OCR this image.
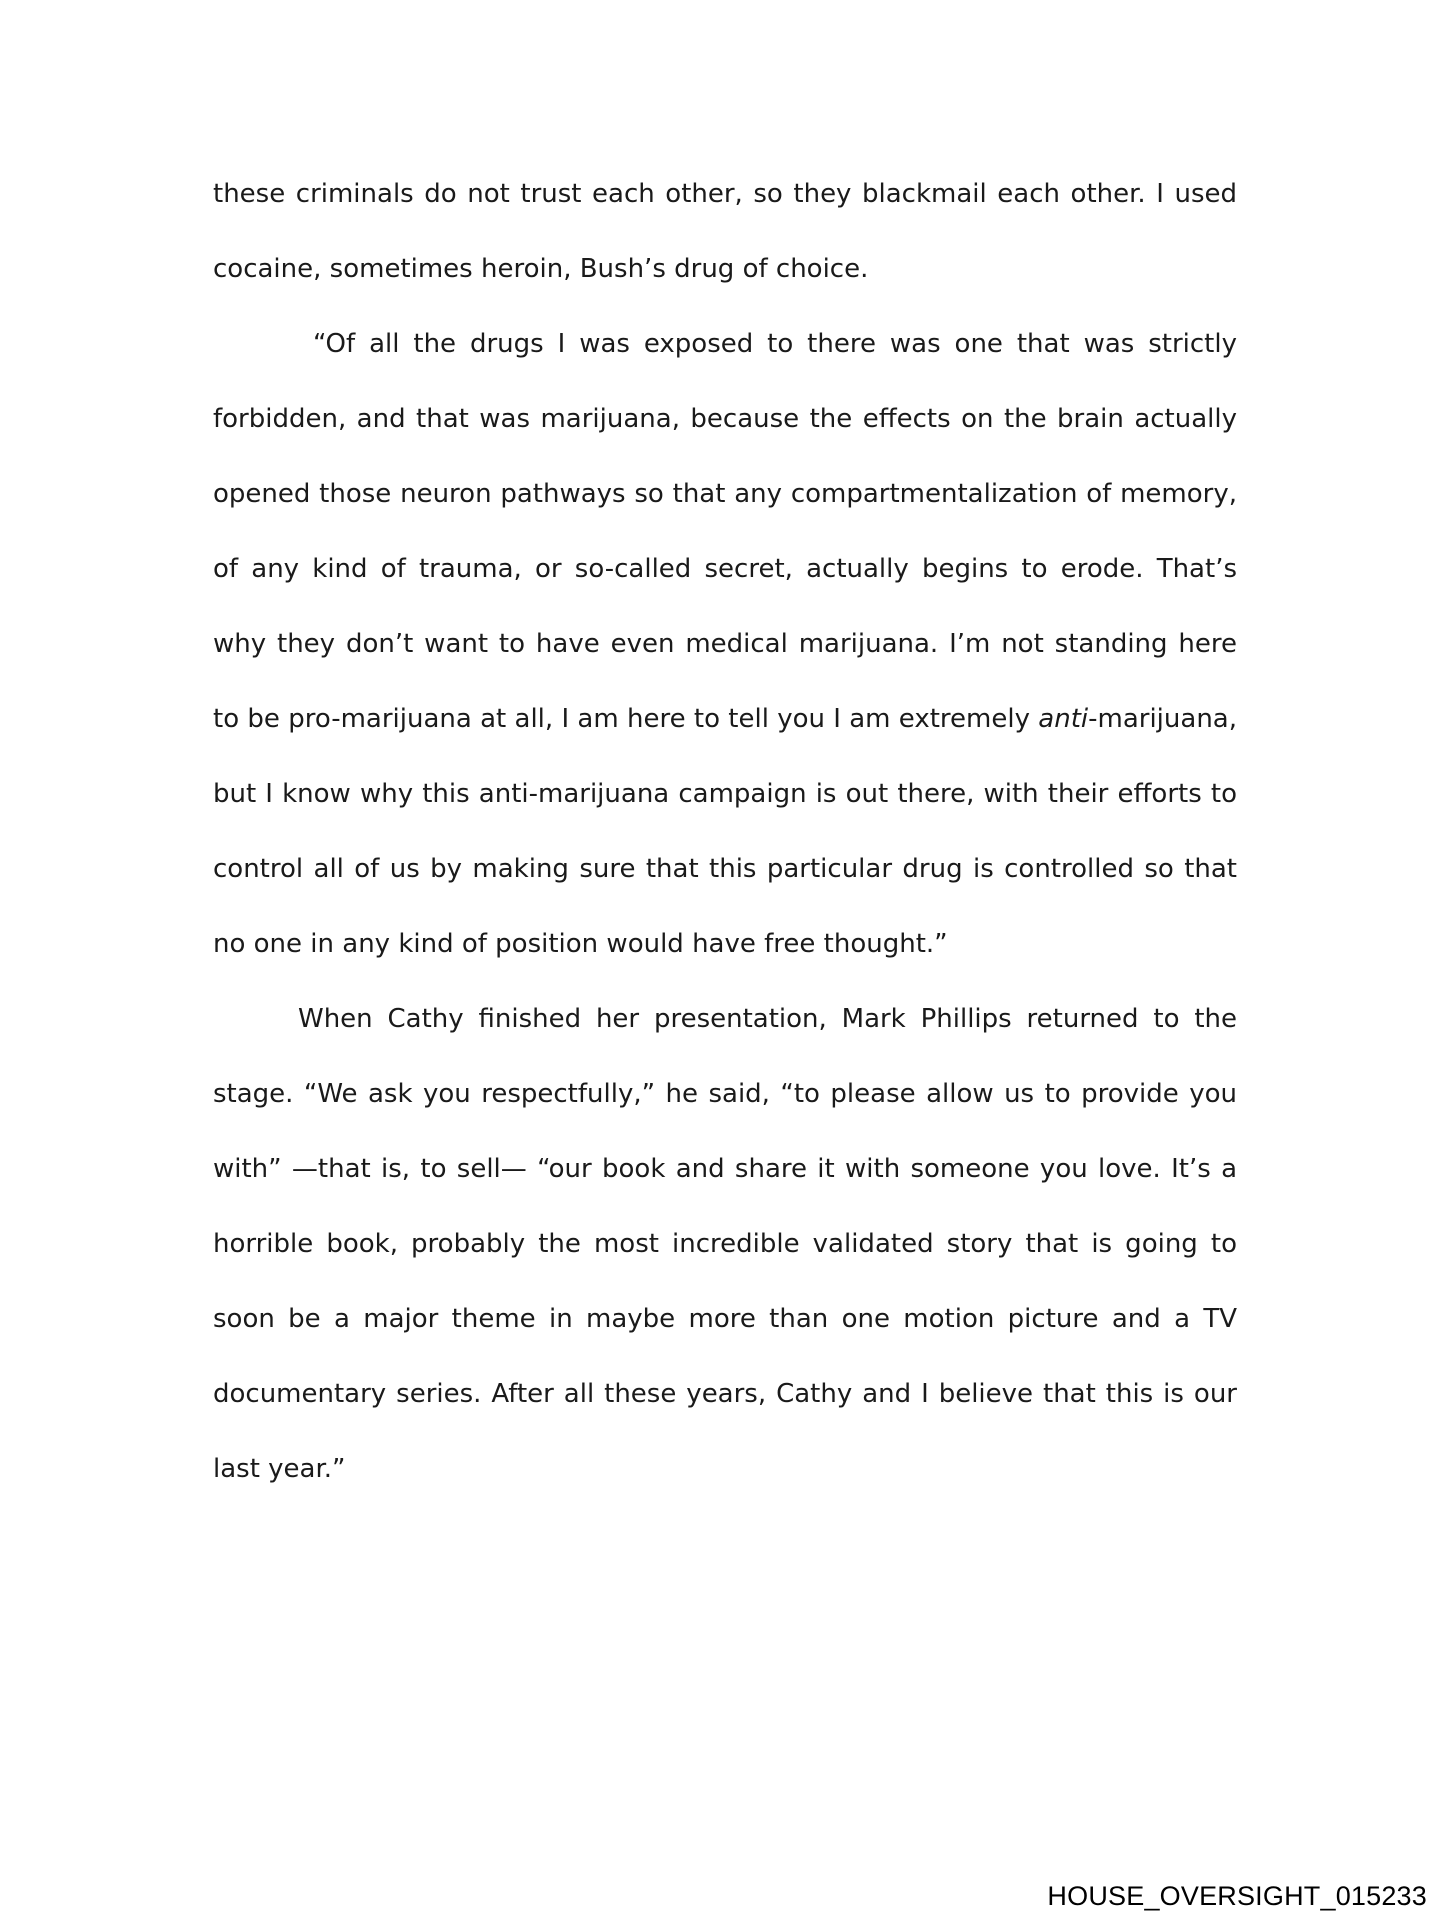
these criminals do not trust each other, so they blackmail each other. I used cocaine, sometimes heroin, Bush’s drug of choice.

“Of all the drugs I was exposed to there was one that was strictly forbidden, and that was marijuana, because the effects on the brain actually opened those neuron pathways so that any compartmentalization of memory, of any kind of trauma, or so-called secret, actually begins to erode. That’s why they don’t want to have even medical marijuana. I’m not standing here to be pro-marijuana at all, I am here to tell you I am extremely anti-marijuana, but I know why this anti-marijuana campaign is out there, with their efforts to control all of us by making sure that this particular drug is controlled so that no one in any kind of position would have free thought.”

When Cathy finished her presentation, Mark Phillips returned to the stage. “We ask you respectfully,” he said, “to please allow us to provide you with” —that is, to sell— “our book and share it with someone you love. It’s a horrible book, probably the most incredible validated story that is going to soon be a major theme in maybe more than one motion picture and a TV documentary series. After all these years, Cathy and I believe that this is our last year.”

HOUSE_OVERSIGHT_015233
